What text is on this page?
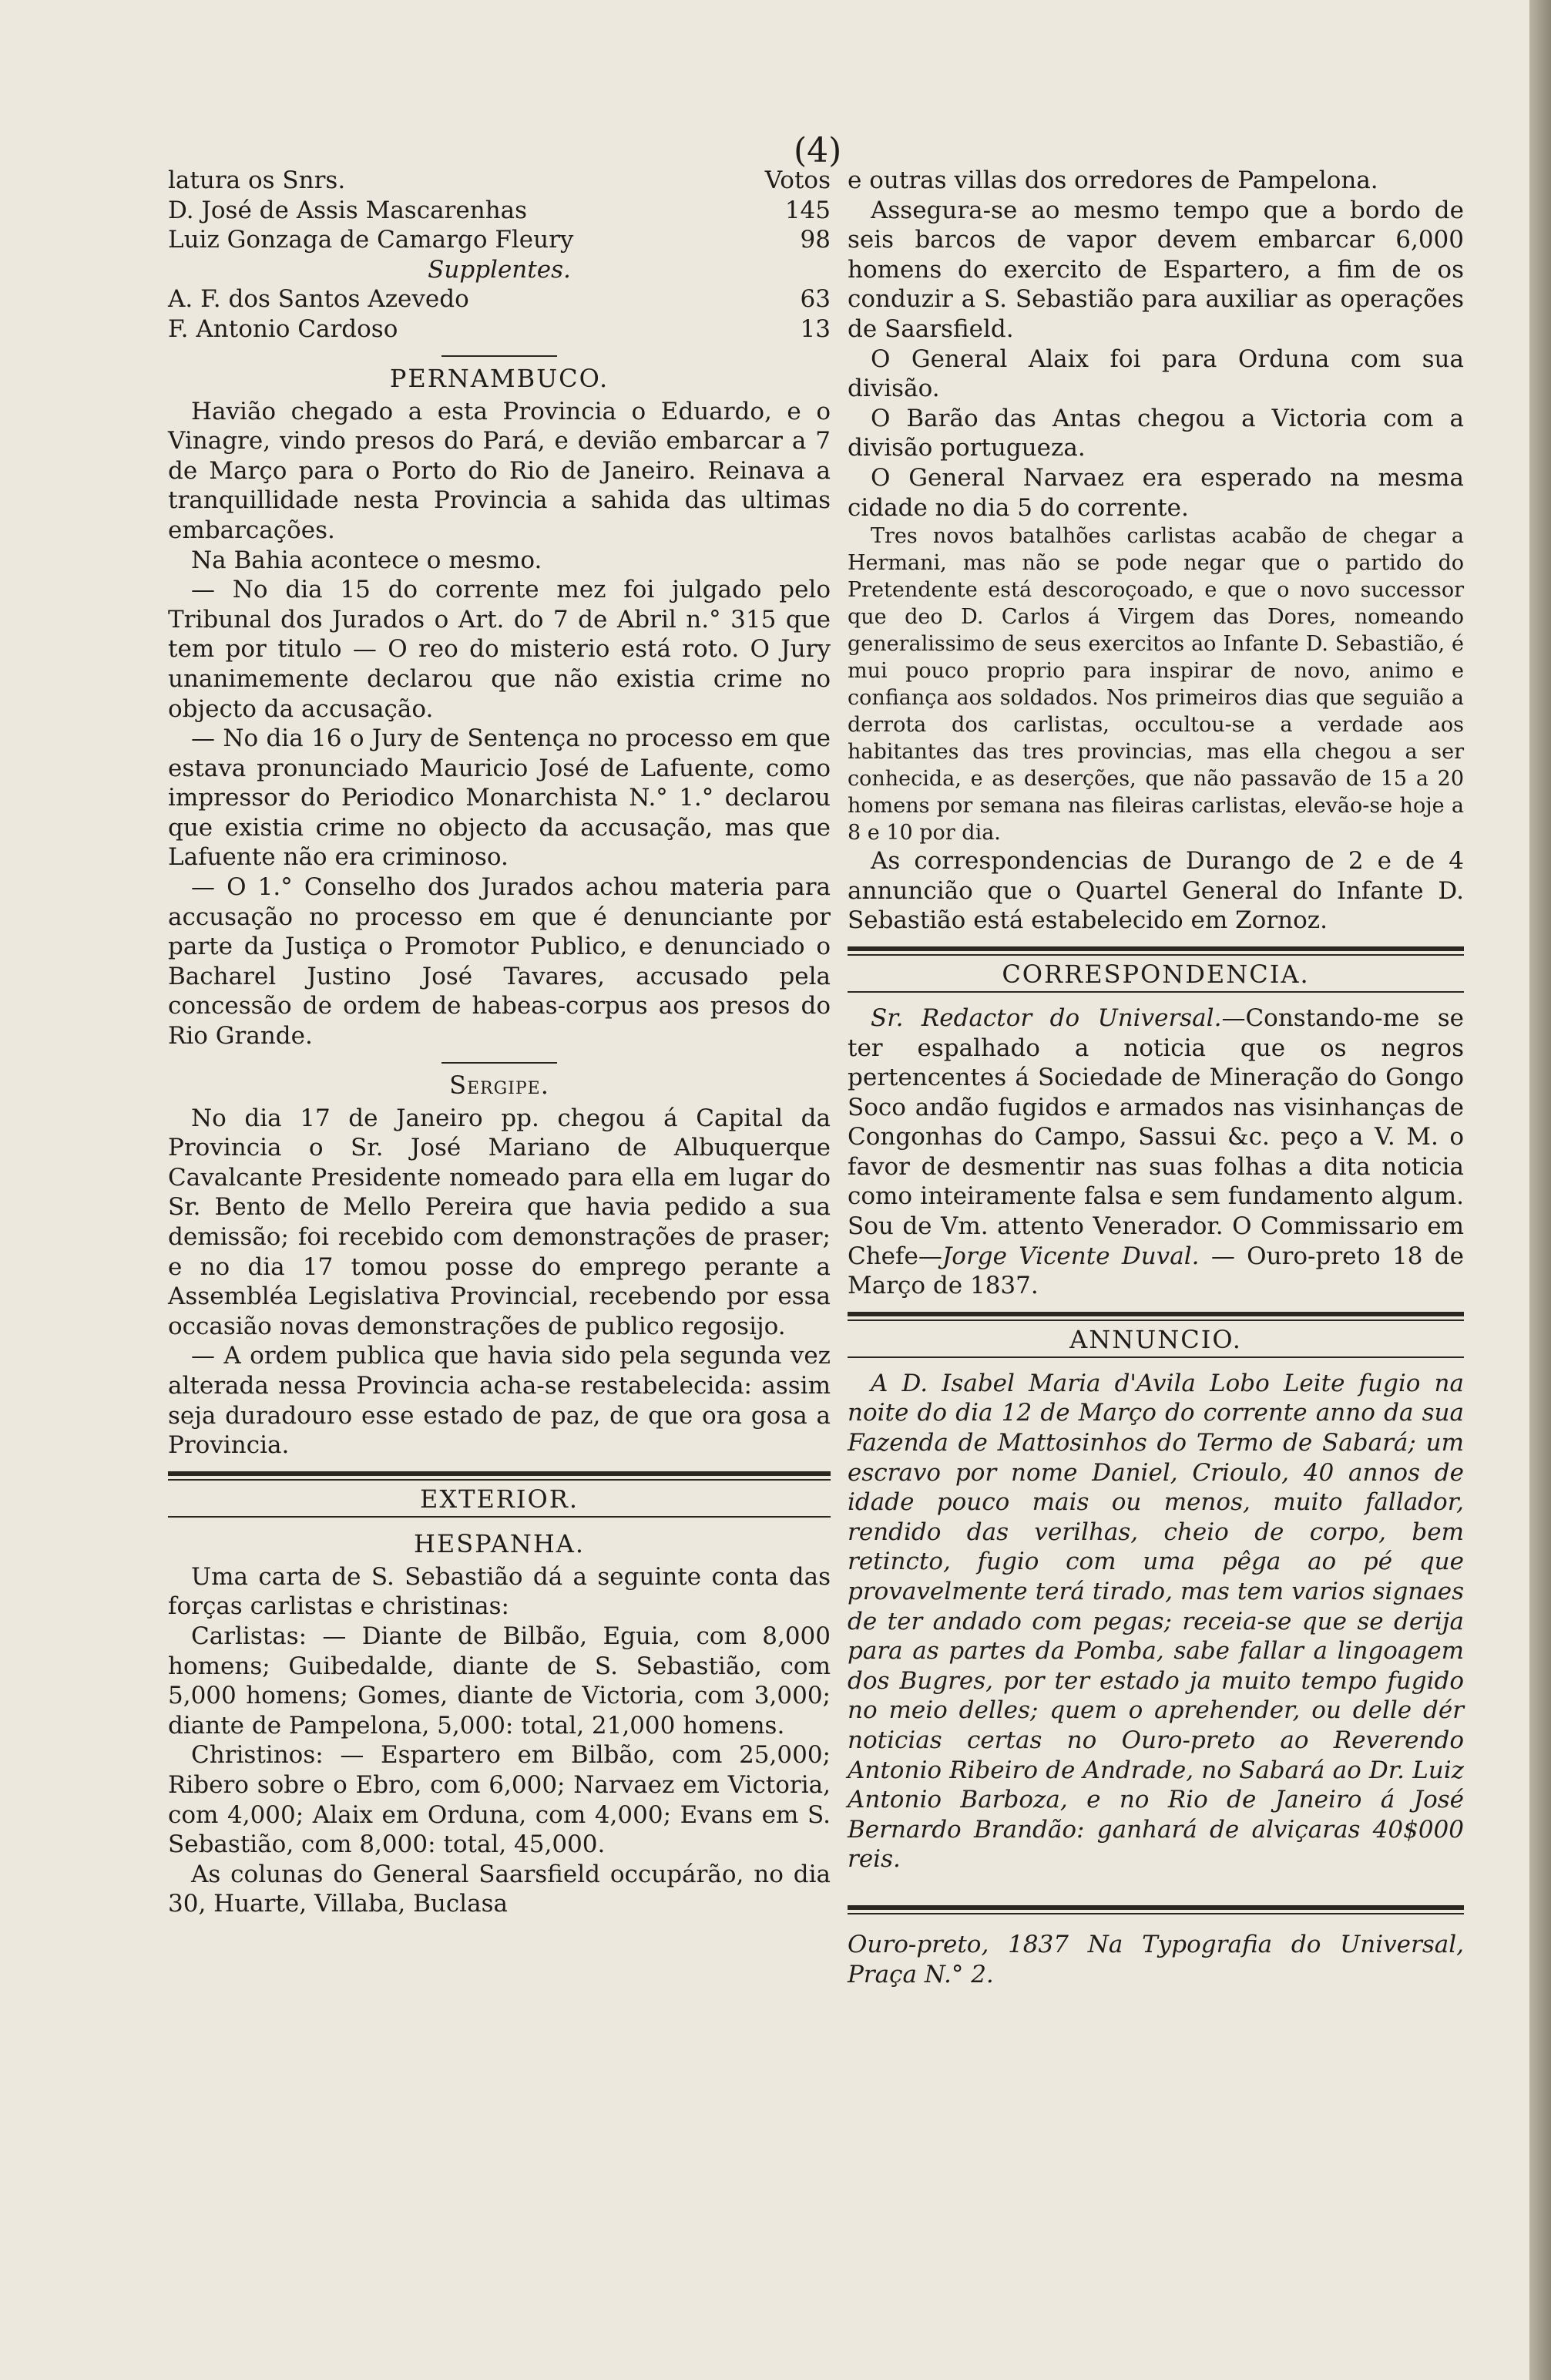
(4)
latura os Snrs.	Votos
D. José de Assis Mascarenhas	145
Luiz Gonzaga de Camargo Fleury	98

Supplentes.

A. F. dos Santos Azevedo	63
F. Antonio Cardoso	13
PERNAMBUCO.

Havião chegado a esta Provincia o Eduardo, e o Vinagre, vindo presos do Pará, e devião embarcar a 7 de Março para o Porto do Rio de Janeiro. Reinava a tranquillidade nesta Provincia a sahida das ultimas embarcações.

Na Bahia acontece o mesmo.

— No dia 15 do corrente mez foi julgado pelo Tribunal dos Jurados o Art. do 7 de Abril n.° 315 que tem por titulo — O reo do misterio está roto. O Jury unanimemente declarou que não existia crime no objecto da accusação.

— No dia 16 o Jury de Sentença no processo em que estava pronunciado Mauricio José de Lafuente, como impressor do Periodico Monarchista N.° 1.° declarou que existia crime no objecto da accusação, mas que Lafuente não era criminoso.

— O 1.° Conselho dos Jurados achou materia para accusação no processo em que é denunciante por parte da Justiça o Promotor Publico, e denunciado o Bacharel Justino José Tavares, accusado pela concessão de ordem de habeas-corpus aos presos do Rio Grande.

Sergipe.

No dia 17 de Janeiro pp. chegou á Capital da Provincia o Sr. José Mariano de Albuquerque Cavalcante Presidente nomeado para ella em lugar do Sr. Bento de Mello Pereira que havia pedido a sua demissão; foi recebido com demonstrações de praser; e no dia 17 tomou posse do emprego perante a Assembléa Legislativa Provincial, recebendo por essa occasião novas demonstrações de publico regosijo.

— A ordem publica que havia sido pela segunda vez alterada nessa Provincia acha-se restabelecida: assim seja duradouro esse estado de paz, de que ora gosa a Provincia.

EXTERIOR.
HESPANHA.

Uma carta de S. Sebastião dá a seguinte conta das forças carlistas e christinas:

Carlistas: — Diante de Bilbão, Eguia, com 8,000 homens; Guibedalde, diante de S. Sebastião, com 5,000 homens; Gomes, diante de Victoria, com 3,000; diante de Pampelona, 5,000: total, 21,000 homens.

Christinos: — Espartero em Bilbão, com 25,000; Ribero sobre o Ebro, com 6,000; Narvaez em Victoria, com 4,000; Alaix em Orduna, com 4,000; Evans em S. Sebastião, com 8,000: total, 45,000.

As colunas do General Saarsfield occupárão, no dia 30, Huarte, Villaba, Buclasa

e outras villas dos orredores de Pampelona.

Assegura-se ao mesmo tempo que a bordo de seis barcos de vapor devem embarcar 6,000 homens do exercito de Espartero, a fim de os conduzir a S. Sebastião para auxiliar as operações de Saarsfield.

O General Alaix foi para Orduna com sua divisão.

O Barão das Antas chegou a Victoria com a divisão portugueza.

O General Narvaez era esperado na mesma cidade no dia 5 do corrente.

Tres novos batalhões carlistas acabão de chegar a Hermani, mas não se pode negar que o partido do Pretendente está descoroçoado, e que o novo successor que deo D. Carlos á Virgem das Dores, nomeando generalissimo de seus exercitos ao Infante D. Sebastião, é mui pouco proprio para inspirar de novo, animo e confiança aos soldados. Nos primeiros dias que seguião a derrota dos carlistas, occultou-se a verdade aos habitantes das tres provincias, mas ella chegou a ser conhecida, e as deserções, que não passavão de 15 a 20 homens por semana nas fileiras carlistas, elevão-se hoje a 8 e 10 por dia.

As correspondencias de Durango de 2 e de 4 annuncião que o Quartel General do Infante D. Sebastião está estabelecido em Zornoz.

CORRESPONDENCIA.

Sr. Redactor do Universal.—Constando-me se ter espalhado a noticia que os negros pertencentes á Sociedade de Mineração do Gongo Soco andão fugidos e armados nas visinhanças de Congonhas do Campo, Sassui &c. peço a V. M. o favor de desmentir nas suas folhas a dita noticia como inteiramente falsa e sem fundamento algum. Sou de Vm. attento Venerador. O Commissario em Chefe—Jorge Vicente Duval. — Ouro-preto 18 de Março de 1837.

ANNUNCIO.

A D. Isabel Maria d'Avila Lobo Leite fugio na noite do dia 12 de Março do corrente anno da sua Fazenda de Mattosinhos do Termo de Sabará; um escravo por nome Daniel, Crioulo, 40 annos de idade pouco mais ou menos, muito fallador, rendido das verilhas, cheio de corpo, bem retincto, fugio com uma pêga ao pé que provavelmente terá tirado, mas tem varios signaes de ter andado com pegas; receia-se que se derija para as partes da Pomba, sabe fallar a lingoagem dos Bugres, por ter estado ja muito tempo fugido no meio delles; quem o aprehender, ou delle dér noticias certas no Ouro-preto ao Reverendo Antonio Ribeiro de Andrade, no Sabará ao Dr. Luiz Antonio Barboza, e no Rio de Janeiro á José Bernardo Brandão: ganhará de alviçaras 40$000 reis.

Ouro-preto, 1837 Na Typografia do Universal, Praça N.° 2.
